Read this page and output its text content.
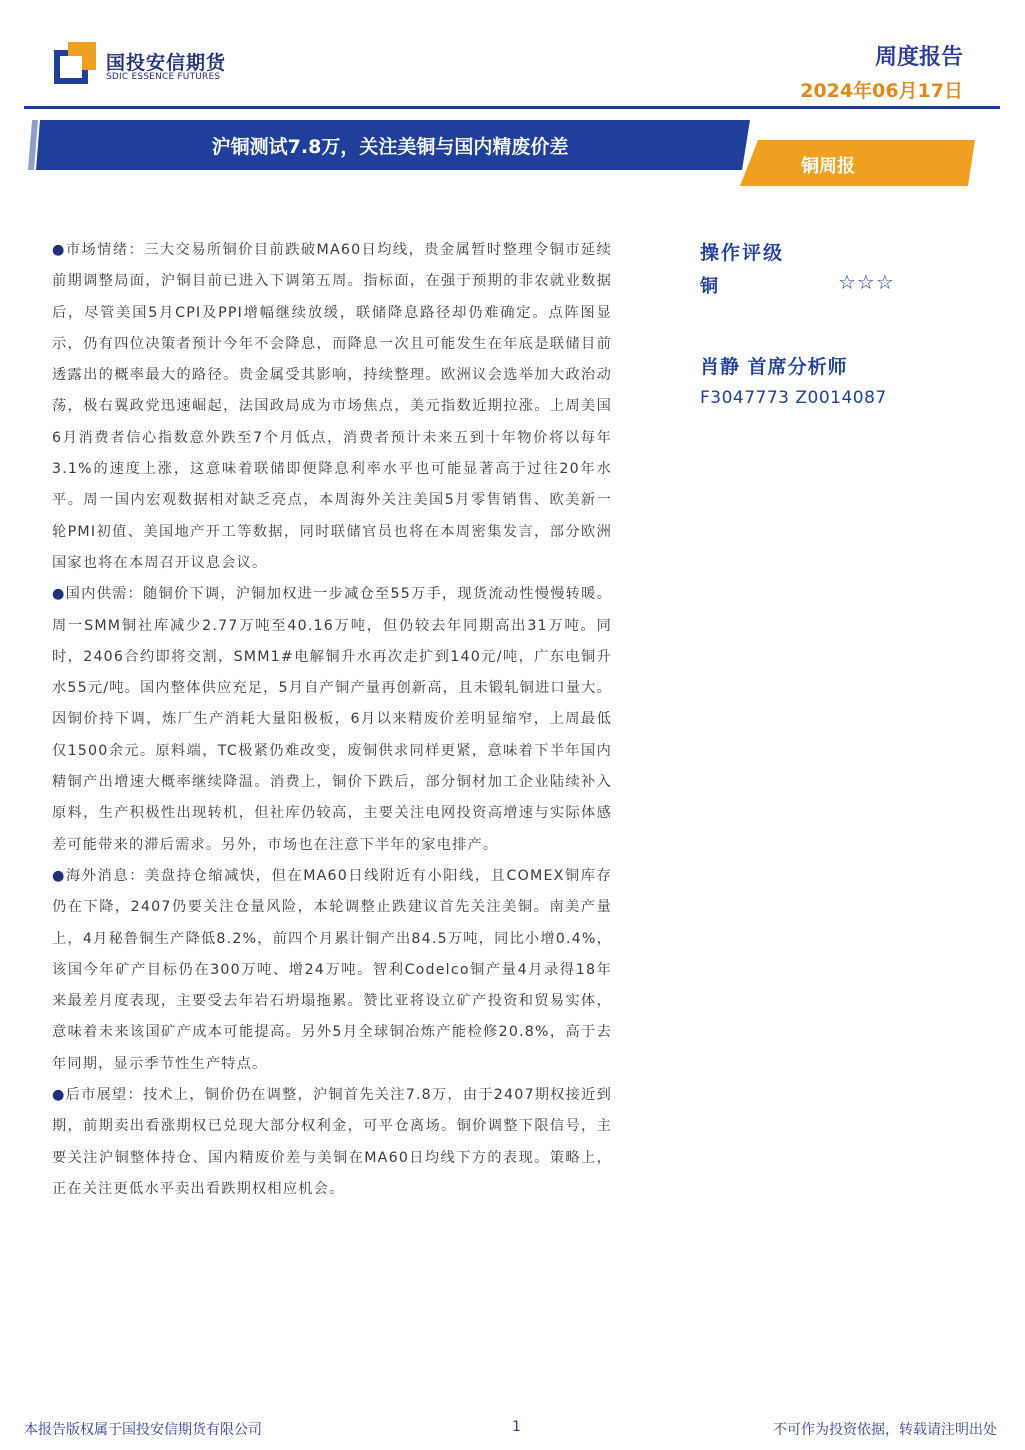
国投安信期货
SDIC ESSENCE FUTURES
周度报告
2024年06月17日
沪铜测试7.8万，关注美铜与国内精废价差
铜周报

●市场情绪：三大交易所铜价目前跌破MA60日均线，贵金属暂时整理令铜市延续前期调整局面，沪铜目前已进入下调第五周。指标面，在强于预期的非农就业数据后，尽管美国5月CPI及PPI增幅继续放缓，联储降息路径却仍难确定。点阵图显示，仍有四位决策者预计今年不会降息，而降息一次且可能发生在年底是联储目前透露出的概率最大的路径。贵金属受其影响，持续整理。欧洲议会选举加大政治动荡，极右翼政党迅速崛起，法国政局成为市场焦点，美元指数近期拉涨。上周美国6月消费者信心指数意外跌至7个月低点，消费者预计未来五到十年物价将以每年3.1%的速度上涨，这意味着联储即便降息利率水平也可能显著高于过往20年水平。周一国内宏观数据相对缺乏亮点，本周海外关注美国5月零售销售、欧美新一轮PMI初值、美国地产开工等数据，同时联储官员也将在本周密集发言，部分欧洲国家也将在本周召开议息会议。

●国内供需：随铜价下调，沪铜加权进一步减仓至55万手，现货流动性慢慢转暖。周一SMM铜社库减少2.77万吨至40.16万吨，但仍较去年同期高出31万吨。同时，2406合约即将交割，SMM1#电解铜升水再次走扩到140元/吨，广东电铜升水55元/吨。国内整体供应充足，5月自产铜产量再创新高，且未锻轧铜进口量大。因铜价持下调，炼厂生产消耗大量阳极板，6月以来精废价差明显缩窄，上周最低仅1500余元。原料端，TC极紧仍难改变，废铜供求同样更紧，意味着下半年国内精铜产出增速大概率继续降温。消费上，铜价下跌后，部分铜材加工企业陆续补入原料，生产积极性出现转机，但社库仍较高，主要关注电网投资高增速与实际体感差可能带来的滞后需求。另外，市场也在注意下半年的家电排产。

●海外消息：美盘持仓缩减快，但在MA60日线附近有小阳线，且COMEX铜库存仍在下降，2407仍要关注仓量风险，本轮调整止跌建议首先关注美铜。南美产量上，4月秘鲁铜生产降低8.2%，前四个月累计铜产出84.5万吨，同比小增0.4%，该国今年矿产目标仍在300万吨、增24万吨。智利Codelco铜产量4月录得18年来最差月度表现，主要受去年岩石坍塌拖累。赞比亚将设立矿产投资和贸易实体，意味着未来该国矿产成本可能提高。另外5月全球铜冶炼产能检修20.8%，高于去年同期，显示季节性生产特点。

●后市展望：技术上，铜价仍在调整，沪铜首先关注7.8万，由于2407期权接近到期，前期卖出看涨期权已兑现大部分权利金，可平仓离场。铜价调整下限信号，主要关注沪铜整体持仓、国内精废价差与美铜在MA60日均线下方的表现。策略上，正在关注更低水平卖出看跌期权相应机会。

操作评级
铜	☆☆☆
肖静 首席分析师
F3047773 Z0014087
本报告版权属于国投安信期货有限公司	1	不可作为投资依据，转载请注明出处
